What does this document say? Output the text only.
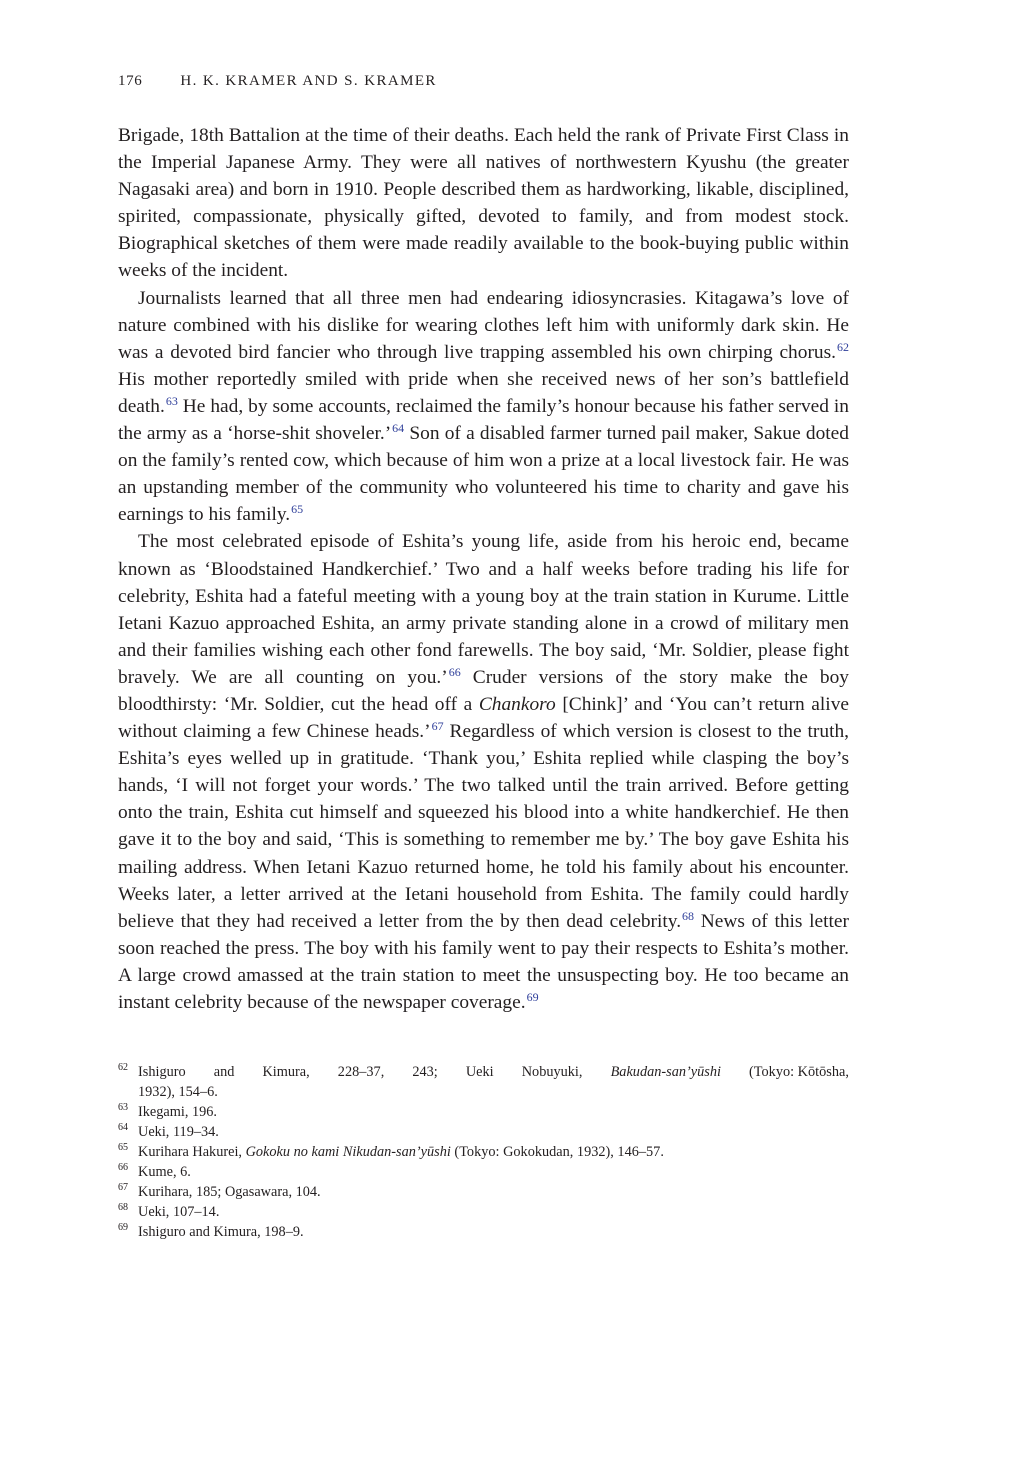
176	H. K. KRAMER AND S. KRAMER

Brigade, 18th Battalion at the time of their deaths. Each held the rank of Private First Class in the Imperial Japanese Army. They were all natives of northwestern Kyushu (the greater Nagasaki area) and born in 1910. People described them as hardworking, likable, disciplined, spirited, compassionate, physically gifted, devoted to family, and from modest stock. Biographical sketches of them were made readily available to the book-buying public within weeks of the incident.

Journalists learned that all three men had endearing idiosyncrasies. Kitagawa’s love of nature combined with his dislike for wearing clothes left him with uniformly dark skin. He was a devoted bird fancier who through live trapping assembled his own chirping chorus.$^{62}$ His mother reportedly smiled with pride when she received news of her son’s battlefield death.$^{63}$ He had, by some accounts, reclaimed the family’s honour because his father served in the army as a ‘horse-shit shoveler.’$^{64}$ Son of a disabled farmer turned pail maker, Sakue doted on the family’s rented cow, which because of him won a prize at a local livestock fair. He was an upstanding member of the community who volunteered his time to charity and gave his earnings to his family.$^{65}$

The most celebrated episode of Eshita’s young life, aside from his heroic end, became known as ‘Bloodstained Handkerchief.’ Two and a half weeks before trading his life for celebrity, Eshita had a fateful meeting with a young boy at the train station in Kurume. Little Ietani Kazuo approached Eshita, an army private standing alone in a crowd of military men and their families wishing each other fond farewells. The boy said, ‘Mr. Soldier, please fight bravely. We are all counting on you.’$^{66}$ Cruder versions of the story make the boy bloodthirsty: ‘Mr. Soldier, cut the head off a Chankoro [Chink]’ and ‘You can’t return alive without claiming a few Chinese heads.’$^{67}$ Regardless of which version is closest to the truth, Eshita’s eyes welled up in gratitude. ‘Thank you,’ Eshita replied while clasping the boy’s hands, ‘I will not forget your words.’ The two talked until the train arrived. Before getting onto the train, Eshita cut himself and squeezed his blood into a white handkerchief. He then gave it to the boy and said, ‘This is something to remember me by.’ The boy gave Eshita his mailing address. When Ietani Kazuo returned home, he told his family about his encounter. Weeks later, a letter arrived at the Ietani household from Eshita. The family could hardly believe that they had received a letter from the by then dead celebrity.$^{68}$ News of this letter soon reached the press. The boy with his family went to pay their respects to Eshita’s mother. A large crowd amassed at the train station to meet the unsuspecting boy. He too became an instant celebrity because of the newspaper coverage.$^{69}$

62 Ishiguro and Kimura, 228–37, 243; Ueki Nobuyuki, Bakudan-san’yūshi (Tokyo: Kōtōsha,
1932), 154–6.
63 Ikegami, 196.
64 Ueki, 119–34.
65 Kurihara Hakurei, Gokoku no kami Nikudan-san’yūshi (Tokyo: Gokokudan, 1932), 146–57.
66 Kume, 6.
67 Kurihara, 185; Ogasawara, 104.
68 Ueki, 107–14.
69 Ishiguro and Kimura, 198–9.
